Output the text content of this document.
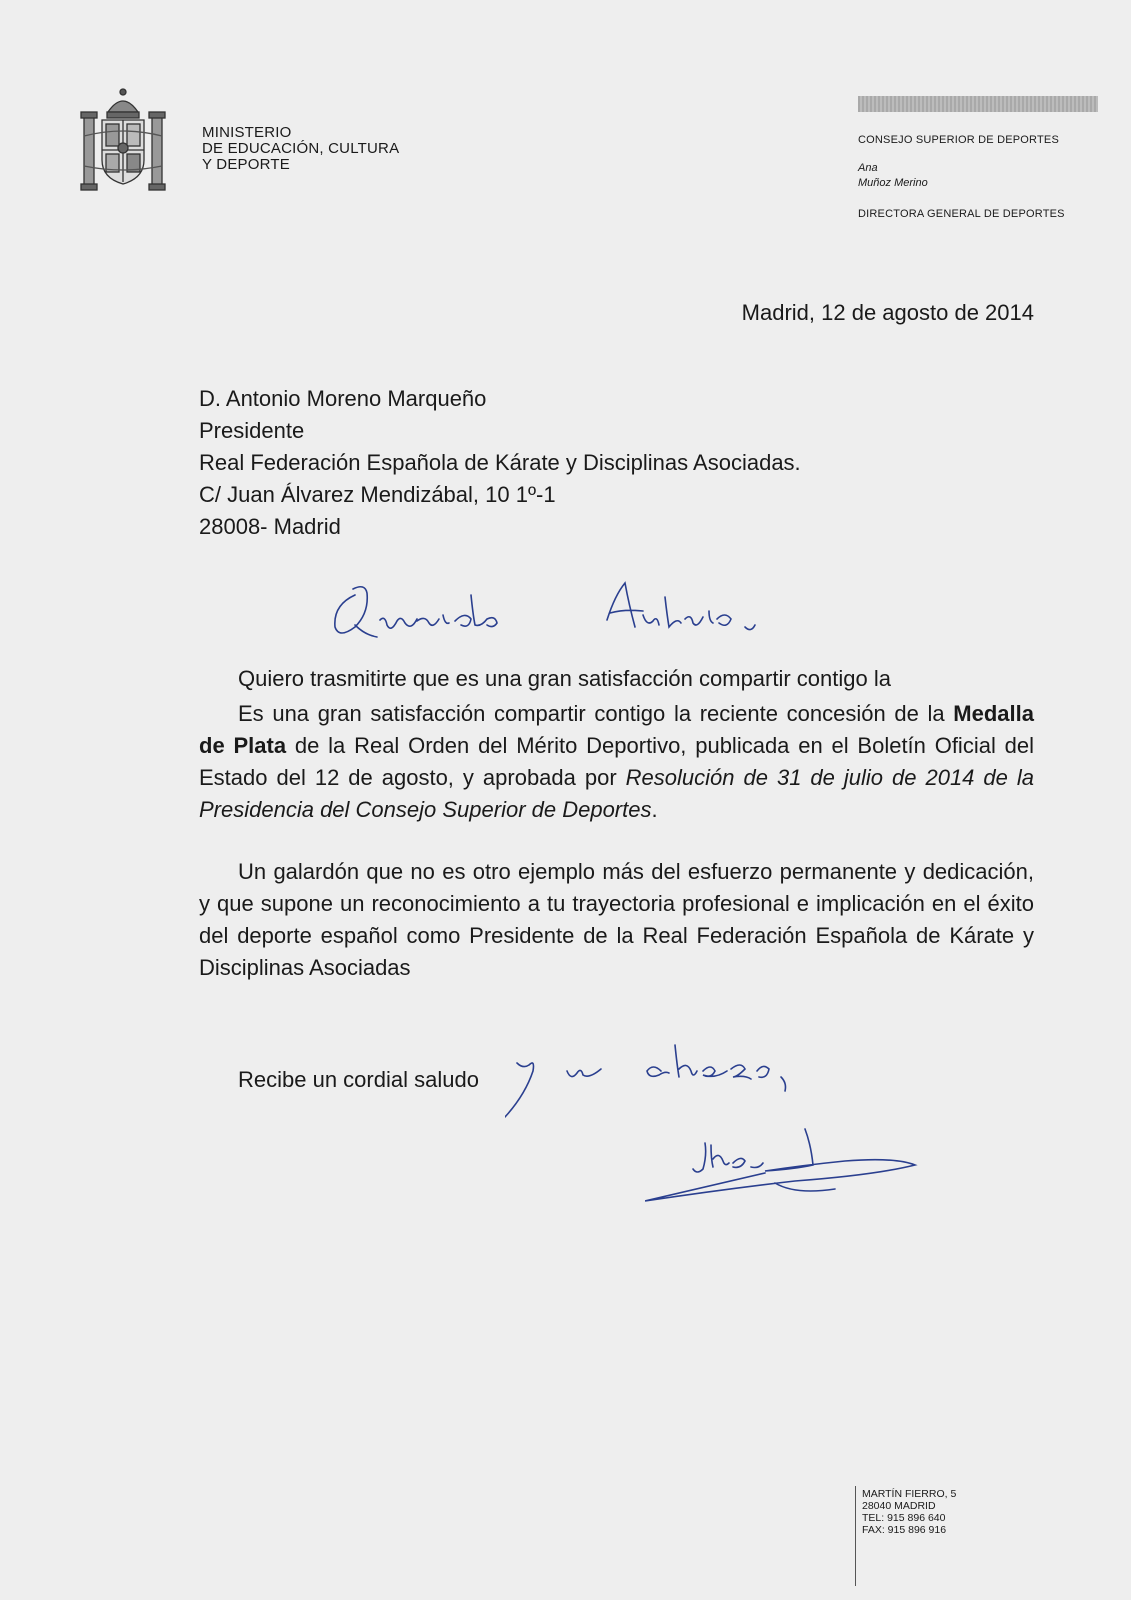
MINISTERIO
DE EDUCACIÓN, CULTURA
Y DEPORTE
CONSEJO SUPERIOR DE DEPORTES
Ana
Muñoz Merino
DIRECTORA GENERAL DE DEPORTES
Madrid, 12 de agosto de 2014
D. Antonio Moreno Marqueño
Presidente
Real Federación Española de Kárate y Disciplinas Asociadas.
C/ Juan Álvarez Mendizábal, 10 1º-1
28008- Madrid
Querido Antonio,
Quiero trasmitirte que es una gran satisfacción compartir contigo la
Es una gran satisfacción compartir contigo la reciente concesión de la Medalla de Plata de la Real Orden del Mérito Deportivo, publicada en el Boletín Oficial del Estado del 12 de agosto, y aprobada por Resolución de 31 de julio de 2014 de la Presidencia del Consejo Superior de Deportes.
Un galardón que no es otro ejemplo más del esfuerzo permanente y dedicación, y que supone un reconocimiento a tu trayectoria profesional e implicación en el éxito del deporte español como Presidente de la Real Federación Española de Kárate y Disciplinas Asociadas
Recibe un cordial saludo
y un abrazo,
Ana
MARTÍN FIERRO, 5
28040 MADRID
TEL: 915 896 640
FAX: 915 896 916
